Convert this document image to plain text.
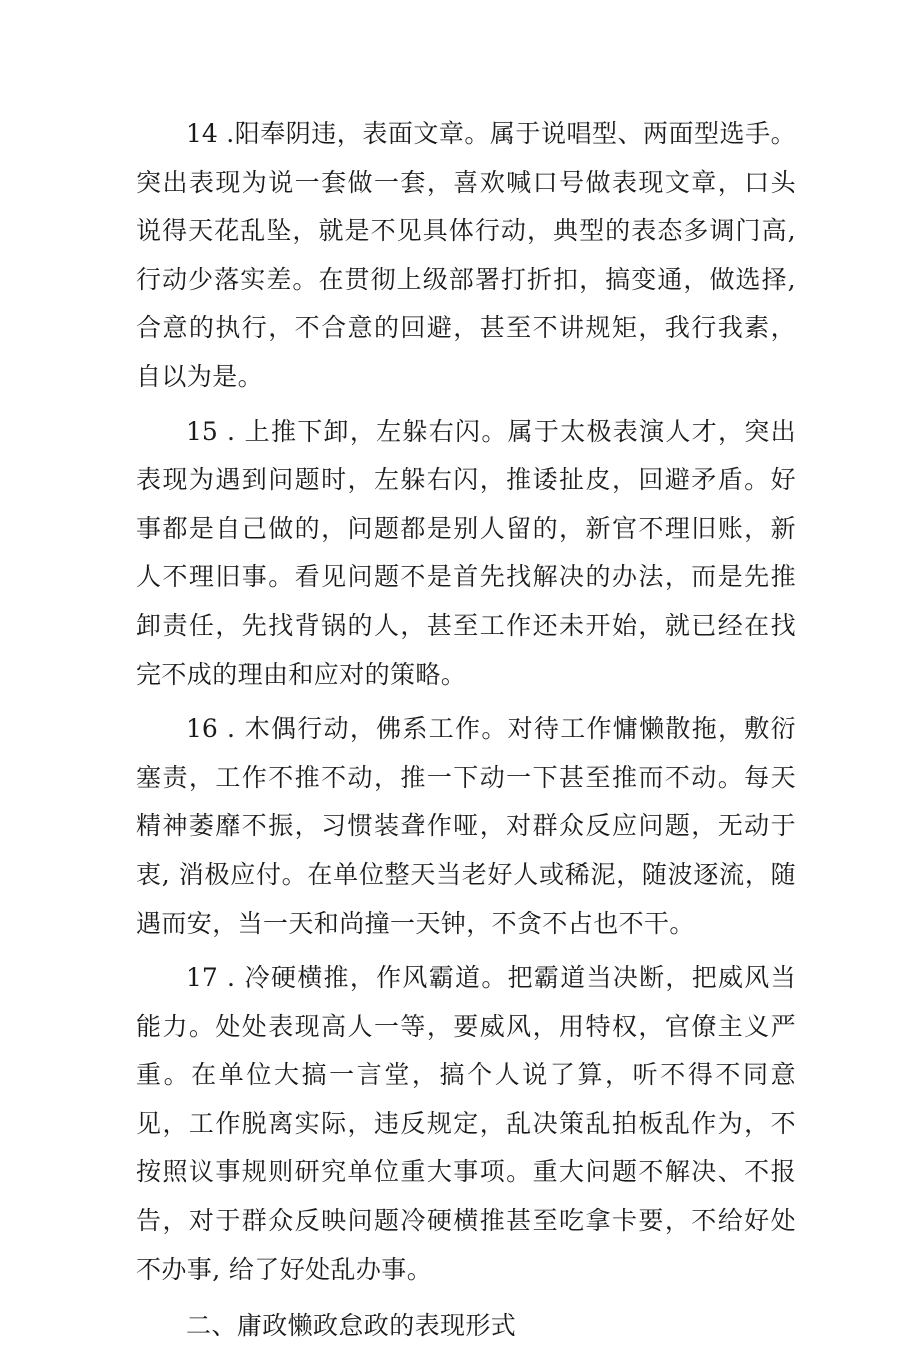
14 .阳奉阴违，表面文章。属于说唱型、两面型选手。突出表现为说一套做一套，喜欢喊口号做表现文章，口头说得天花乱坠，就是不见具体行动，典型的表态多调门高, 行动少落实差。在贯彻上级部署打折扣，搞变通，做选择, 合意的执行，不合意的回避，甚至不讲规矩，我行我素，自以为是。

15 . 上推下卸，左躲右闪。属于太极表演人才，突出表现为遇到问题时，左躲右闪，推诿扯皮，回避矛盾。好事都是自己做的，问题都是别人留的，新官不理旧账，新人不理旧事。看见问题不是首先找解决的办法，而是先推卸责任，先找背锅的人，甚至工作还未开始，就已经在找完不成的理由和应对的策略。

16 . 木偶行动，佛系工作。对待工作慵懒散拖，敷衍塞责，工作不推不动，推一下动一下甚至推而不动。每天精神萎靡不振，习惯装聋作哑，对群众反应问题，无动于衷, 消极应付。在单位整天当老好人或稀泥，随波逐流，随遇而安，当一天和尚撞一天钟，不贪不占也不干。

17 . 冷硬横推，作风霸道。把霸道当决断，把威风当能力。处处表现高人一等，要威风，用特权，官僚主义严重。在单位大搞一言堂，搞个人说了算，听不得不同意见，工作脱离实际，违反规定，乱决策乱拍板乱作为，不按照议事规则研究单位重大事项。重大问题不解决、不报告，对于群众反映问题冷硬横推甚至吃拿卡要，不给好处不办事, 给了好处乱办事。

二、庸政懒政怠政的表现形式
